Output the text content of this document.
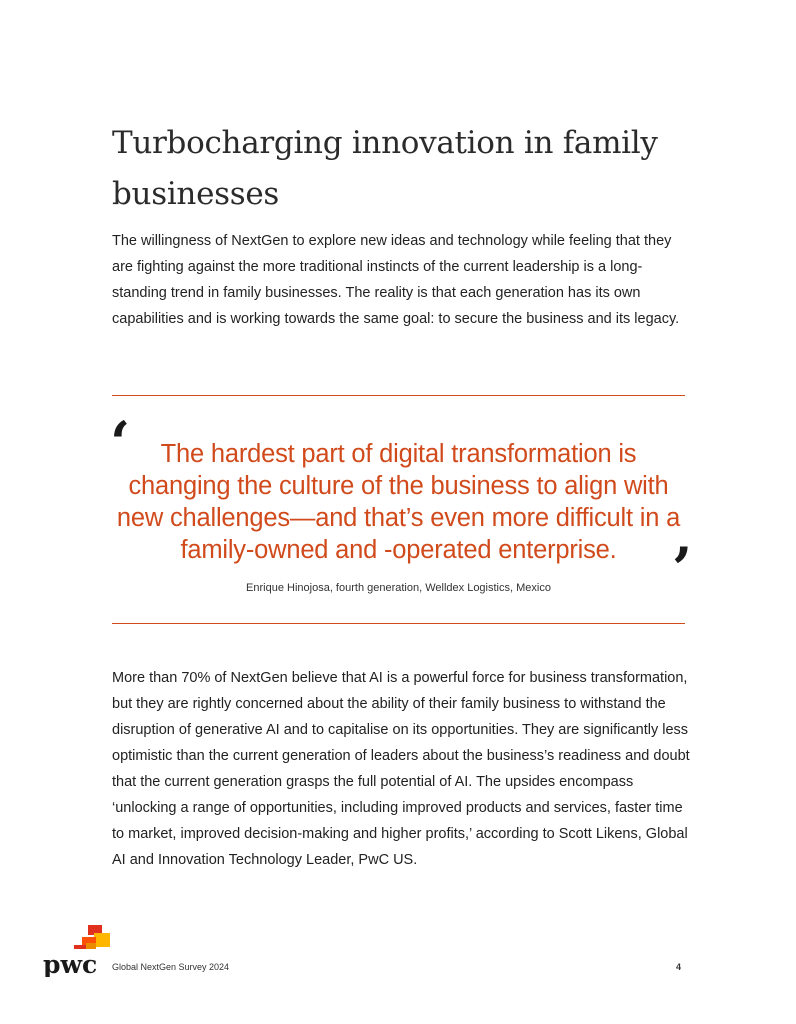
Turbocharging innovation in family businesses

The willingness of NextGen to explore new ideas and technology while feeling that they are fighting against the more traditional instincts of the current leadership is a long-standing trend in family businesses. The reality is that each generation has its own capabilities and is working towards the same goal: to secure the business and its legacy.

‘	The hardest part of digital transformation is changing the culture of the business to align with new challenges—and that’s even more difficult in a family-owned and -operated enterprise. ’
Enrique Hinojosa, fourth generation, Welldex Logistics, Mexico

More than 70% of NextGen believe that AI is a powerful force for business transformation, but they are rightly concerned about the ability of their family business to withstand the disruption of generative AI and to capitalise on its opportunities. They are significantly less optimistic than the current generation of leaders about the business’s readiness and doubt that the current generation grasps the full potential of AI. The upsides encompass ‘unlocking a range of opportunities, including improved products and services, faster time to market, improved decision-making and higher profits,’ according to Scott Likens, Global AI and Innovation Technology Leader, PwC US.

pwc Global NextGen Survey 2024	4
